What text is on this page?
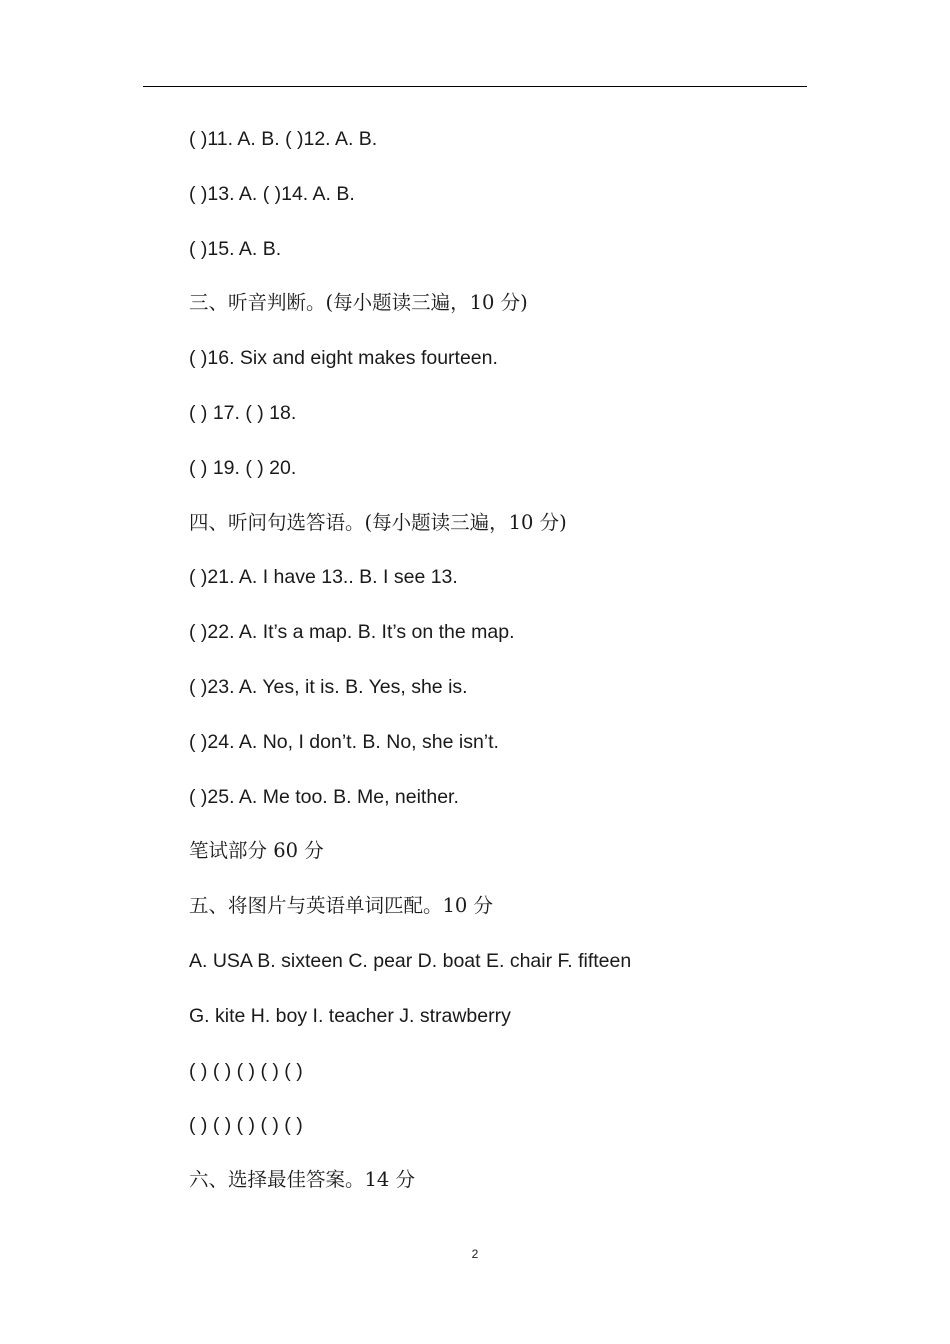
( )11. A. B. ( )12. A. B.
( )13. A. ( )14. A. B.
( )15. A. B.
三、听音判断。(每小题读三遍，10 分)
( )16. Six and eight makes fourteen.
( ) 17. ( ) 18.
( ) 19. ( ) 20.
四、听问句选答语。(每小题读三遍，10 分)
( )21. A. I have 13.. B. I see 13.
( )22. A. It’s a map. B. It’s on the map.
( )23. A. Yes, it is. B. Yes, she is.
( )24. A. No, I don’t. B. No, she isn’t.
( )25. A. Me too. B. Me, neither.
笔试部分 60 分
五、将图片与英语单词匹配。10 分
A. USA B. sixteen C. pear D. boat E. chair F. fifteen
G. kite H. boy I. teacher J. strawberry
( ) ( ) ( ) ( ) ( )
( ) ( ) ( ) ( ) ( )
六、选择最佳答案。14 分
2
